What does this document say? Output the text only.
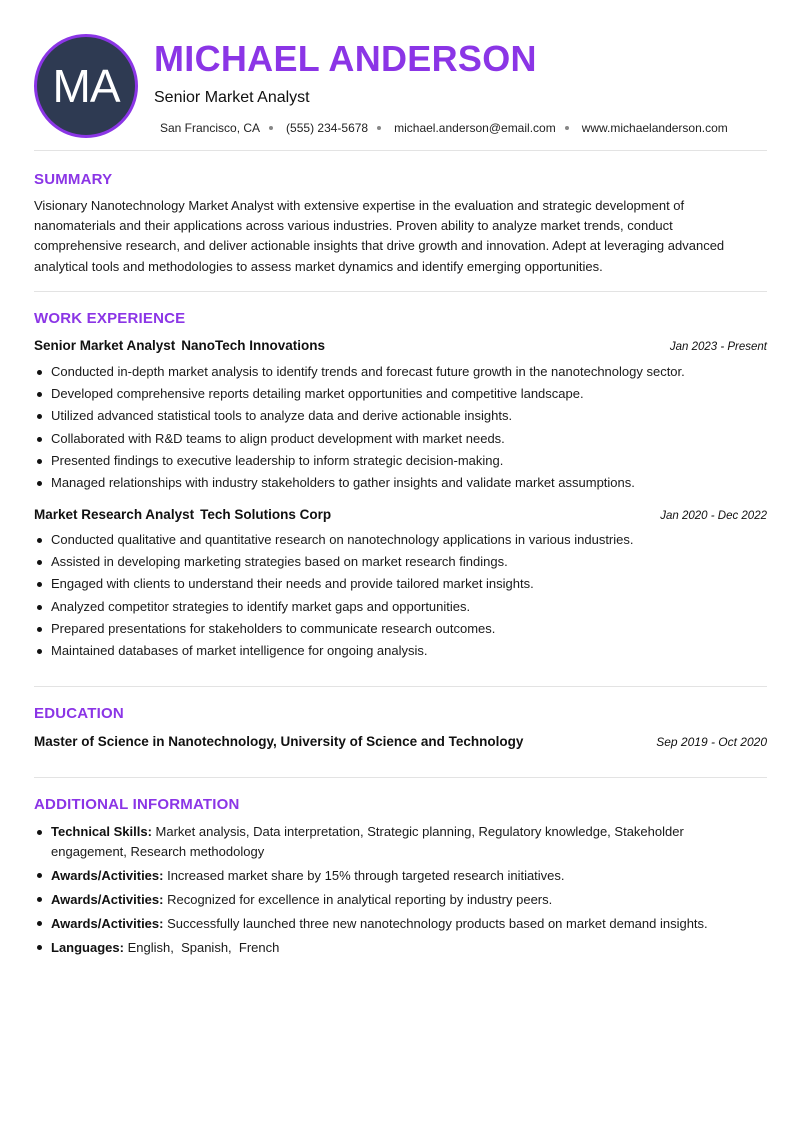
MA
MICHAEL ANDERSON
Senior Market Analyst
San Francisco, CA (555) 234-5678 michael.anderson@email.com www.michaelanderson.com
SUMMARY

Visionary Nanotechnology Market Analyst with extensive expertise in the evaluation and strategic development of nanomaterials and their applications across various industries. Proven ability to analyze market trends, conduct comprehensive research, and deliver actionable insights that drive growth and innovation. Adept at leveraging advanced analytical tools and methodologies to assess market dynamics and identify emerging opportunities.

WORK EXPERIENCE
Senior Market Analyst NanoTech Innovations	Jan 2023 - Present
Conducted in-depth market analysis to identify trends and forecast future growth in the nanotechnology sector.
Developed comprehensive reports detailing market opportunities and competitive landscape.
Utilized advanced statistical tools to analyze data and derive actionable insights.
Collaborated with R&D teams to align product development with market needs.
Presented findings to executive leadership to inform strategic decision-making.
Managed relationships with industry stakeholders to gather insights and validate market assumptions.
Market Research Analyst Tech Solutions Corp	Jan 2020 - Dec 2022
Conducted qualitative and quantitative research on nanotechnology applications in various industries.
Assisted in developing marketing strategies based on market research findings.
Engaged with clients to understand their needs and provide tailored market insights.
Analyzed competitor strategies to identify market gaps and opportunities.
Prepared presentations for stakeholders to communicate research outcomes.
Maintained databases of market intelligence for ongoing analysis.
EDUCATION
Master of Science in Nanotechnology, University of Science and Technology	Sep 2019 - Oct 2020
ADDITIONAL INFORMATION
Technical Skills: Market analysis, Data interpretation, Strategic planning, Regulatory knowledge, Stakeholder engagement, Research methodology
Awards/Activities: Increased market share by 15% through targeted research initiatives.
Awards/Activities: Recognized for excellence in analytical reporting by industry peers.
Awards/Activities: Successfully launched three new nanotechnology products based on market demand insights.
Languages: English,  Spanish,  French
